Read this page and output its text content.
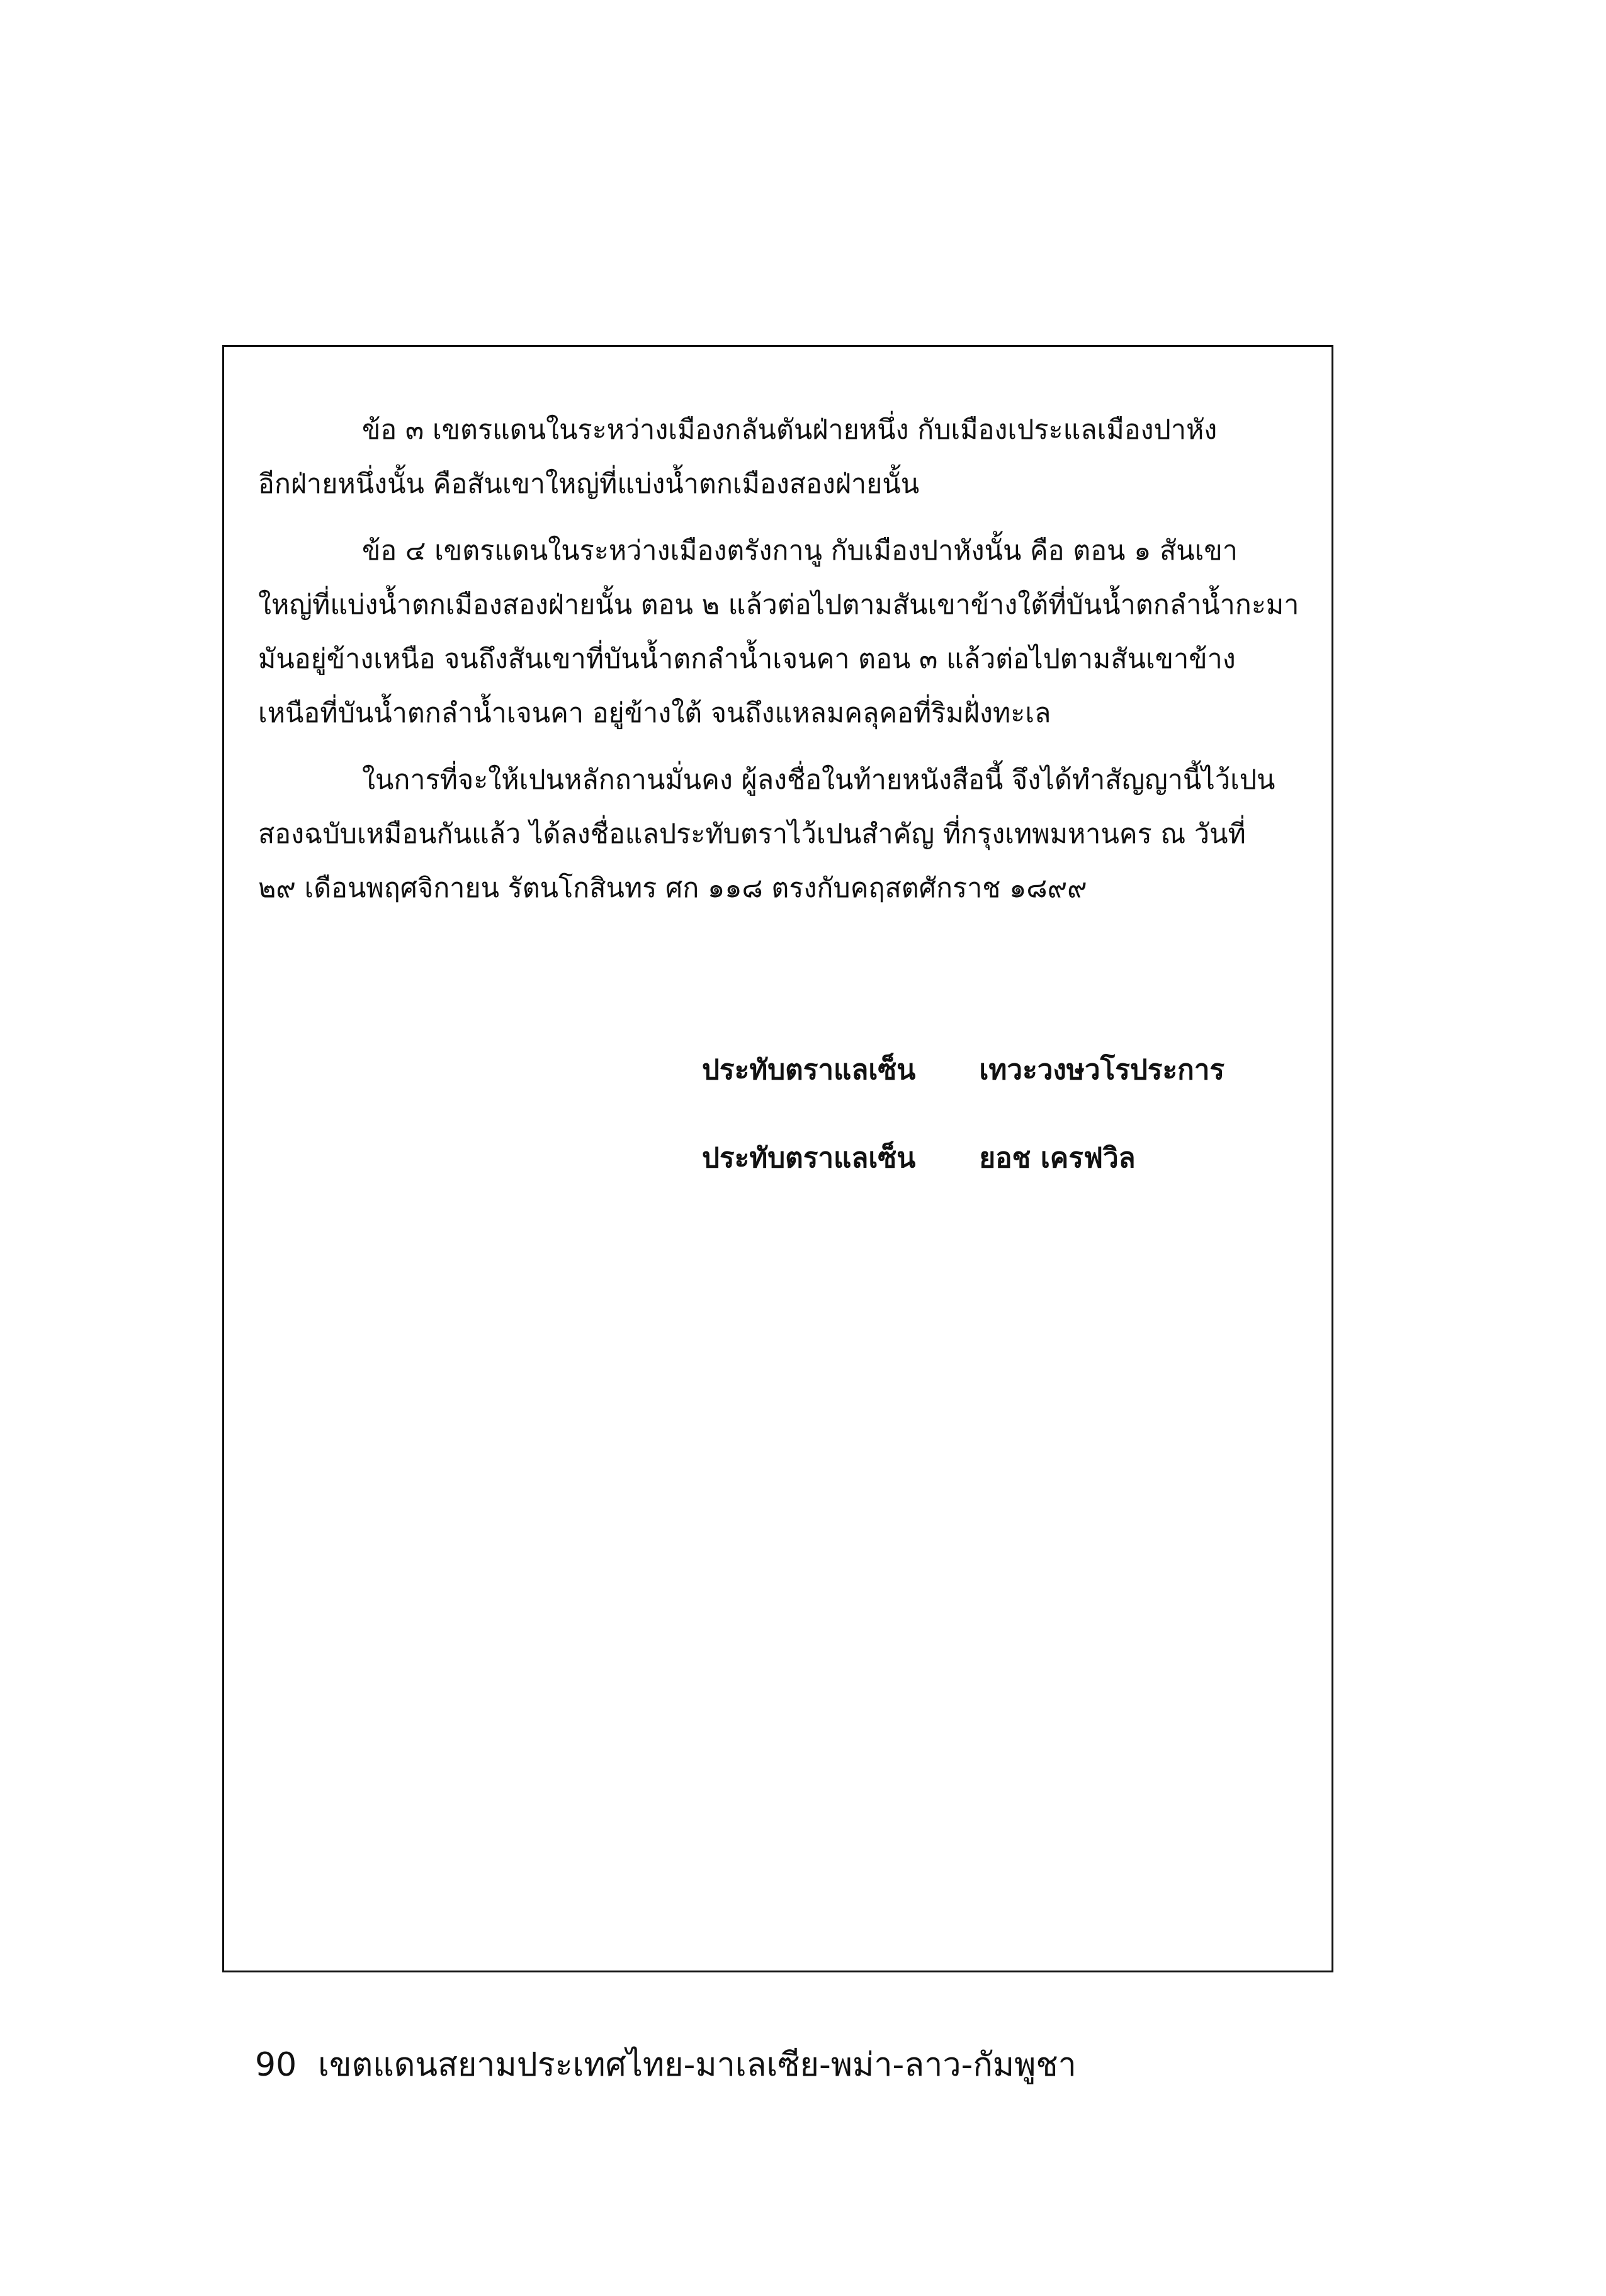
ข้อ ๓ เขตรแดนในระหว่างเมืองกลันตันฝ่ายหนึ่ง กับเมืองเประแลเมืองปาหัง
อีกฝ่ายหนึ่งนั้น คือสันเขาใหญ่ที่แบ่งน้ำตกเมืองสองฝ่ายนั้น
ข้อ ๔ เขตรแดนในระหว่างเมืองตรังกานู กับเมืองปาหังนั้น คือ ตอน ๑ สันเขา
ใหญ่ที่แบ่งน้ำตกเมืองสองฝ่ายนั้น ตอน ๒ แล้วต่อไปตามสันเขาข้างใต้ที่บันน้ำตกลำน้ำกะมา
มันอยู่ข้างเหนือ จนถึงสันเขาที่บันน้ำตกลำน้ำเจนคา ตอน ๓ แล้วต่อไปตามสันเขาข้าง
เหนือที่บันน้ำตกลำน้ำเจนคา อยู่ข้างใต้ จนถึงแหลมคลุคอที่ริมฝั่งทะเล
ในการที่จะให้เปนหลักถานมั่นคง ผู้ลงชื่อในท้ายหนังสือนี้ จึงได้ทำสัญญานี้ไว้เปน
สองฉบับเหมือนกันแล้ว ได้ลงชื่อแลประทับตราไว้เปนสำคัญ ที่กรุงเทพมหานคร ณ วันที่
๒๙ เดือนพฤศจิกายน รัตนโกสินทร ศก ๑๑๘ ตรงกับคฤสตศักราช ๑๘๙๙
ประทับตราแลเซ็น เทวะวงษวโรประการ
ประทับตราแลเซ็น ยอช เครฟวิล
90 เขตแดนสยามประเทศไทย-มาเลเซีย-พม่า-ลาว-กัมพูชา
